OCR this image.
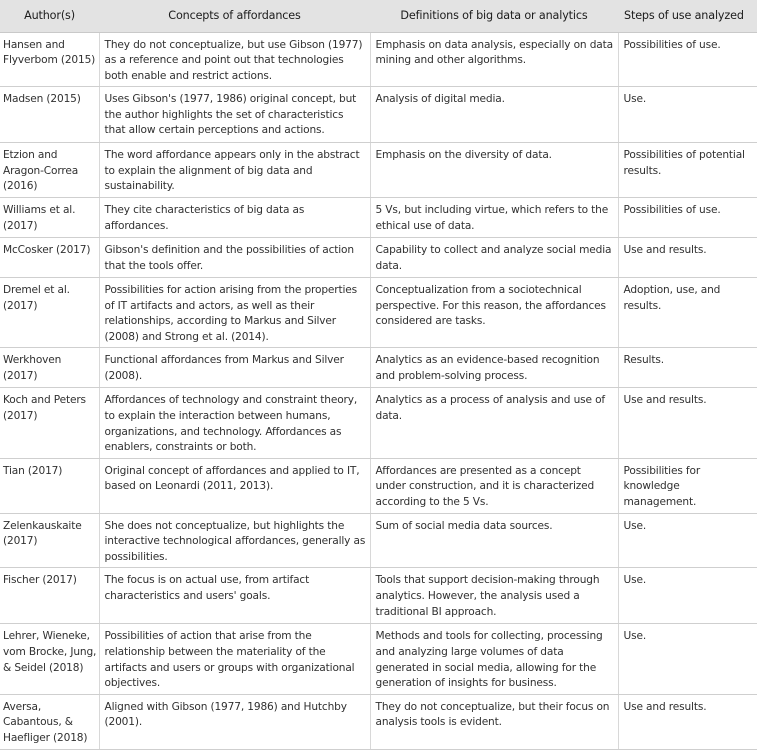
Author(s)	Concepts of affordances	Definitions of big data or analytics	Steps of use analyzed
Hansen and Flyverbom (2015)	They do not conceptualize, but use Gibson (1977) as a reference and point out that technologies both enable and restrict actions.	Emphasis on data analysis, especially on data mining and other algorithms.	Possibilities of use.
Madsen (2015)	Uses Gibson's (1977, 1986) original concept, but the author highlights the set of characteristics that allow certain perceptions and actions.	Analysis of digital media.	Use.
Etzion and Aragon-Correa (2016)	The word affordance appears only in the abstract to explain the alignment of big data and sustainability.	Emphasis on the diversity of data.	Possibilities of potential results.
Williams et al. (2017)	They cite characteristics of big data as affordances.	5 Vs, but including virtue, which refers to the ethical use of data.	Possibilities of use.
McCosker (2017)	Gibson's definition and the possibilities of action that the tools offer.	Capability to collect and analyze social media data.	Use and results.
Dremel et al. (2017)	Possibilities for action arising from the properties of IT artifacts and actors, as well as their relationships, according to Markus and Silver (2008) and Strong et al. (2014).	Conceptualization from a sociotechnical perspective. For this reason, the affordances considered are tasks.	Adoption, use, and results.
Werkhoven (2017)	Functional affordances from Markus and Silver (2008).	Analytics as an evidence-based recognition and problem-solving process.	Results.
Koch and Peters (2017)	Affordances of technology and constraint theory, to explain the interaction between humans, organizations, and technology. Affordances as enablers, constraints or both.	Analytics as a process of analysis and use of data.	Use and results.
Tian (2017)	Original concept of affordances and applied to IT, based on Leonardi (2011, 2013).	Affordances are presented as a concept under construction, and it is characterized according to the 5 Vs.	Possibilities for knowledge management.
Zelenkauskaite (2017)	She does not conceptualize, but highlights the interactive technological affordances, generally as possibilities.	Sum of social media data sources.	Use.
Fischer (2017)	The focus is on actual use, from artifact characteristics and users' goals.	Tools that support decision-making through analytics. However, the analysis used a traditional BI approach.	Use.
Lehrer, Wieneke, vom Brocke, Jung, & Seidel (2018)	Possibilities of action that arise from the relationship between the materiality of the artifacts and users or groups with organizational objectives.	Methods and tools for collecting, processing and analyzing large volumes of data generated in social media, allowing for the generation of insights for business.	Use.
Aversa, Cabantous, & Haefliger (2018)	Aligned with Gibson (1977, 1986) and Hutchby (2001).	They do not conceptualize, but their focus on analysis tools is evident.	Use and results.
